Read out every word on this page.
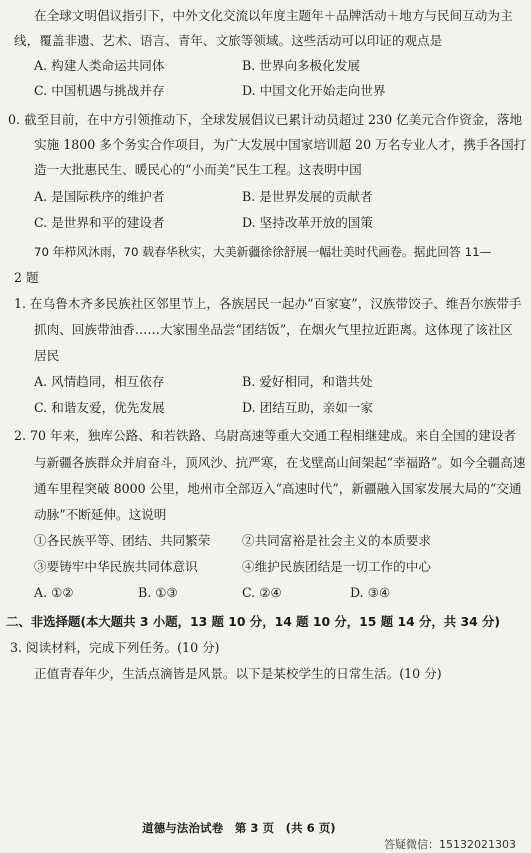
在全球文明倡议指引下，中外文化交流以年度主题年＋品牌活动＋地方与民间互动为主
线，覆盖非遗、艺术、语言、青年、文旅等领域。这些活动可以印证的观点是
A. 构建人类命运共同体	B. 世界向多极化发展
C. 中国机遇与挑战并存	D. 中国文化开始走向世界
0. 截至目前，在中方引领推动下，全球发展倡议已累计动员超过 230 亿美元合作资金，落地
实施 1800 多个务实合作项目，为广大发展中国家培训超 20 万名专业人才，携手各国打
造一大批惠民生、暖民心的“小而美”民生工程。这表明中国
A. 是国际秩序的维护者	B. 是世界发展的贡献者
C. 是世界和平的建设者	D. 坚持改革开放的国策
70 年栉风沐雨，70 载春华秋实，大美新疆徐徐舒展一幅壮美时代画卷。据此回答 11—
2 题
1. 在乌鲁木齐多民族社区邻里节上，各族居民一起办“百家宴”，汉族带饺子、维吾尔族带手
抓肉、回族带油香……大家围坐品尝“团结饭”，在烟火气里拉近距离。这体现了该社区
居民
A. 风情趋同，相互依存	B. 爱好相同，和谐共处
C. 和谐友爱，优先发展	D. 团结互助，亲如一家
2. 70 年来，独库公路、和若铁路、乌尉高速等重大交通工程相继建成。来自全国的建设者
与新疆各族群众并肩奋斗，顶风沙、抗严寒，在戈壁高山间架起“幸福路”。如今全疆高速
通车里程突破 8000 公里，地州市全部迈入“高速时代”，新疆融入国家发展大局的“交通
动脉”不断延伸。这说明
①各民族平等、团结、共同繁荣	②共同富裕是社会主义的本质要求
③要铸牢中华民族共同体意识	④维护民族团结是一切工作的中心
A. ①②	B. ①③	C. ②④	D. ③④
二、非选择题(本大题共 3 小题，13 题 10 分，14 题 10 分，15 题 14 分，共 34 分)
3. 阅读材料，完成下列任务。(10 分)
正值青春年少，生活点滴皆是风景。以下是某校学生的日常生活。(10 分)
道德与法治试卷　第 3 页　(共 6 页)
答疑微信：15132021303
